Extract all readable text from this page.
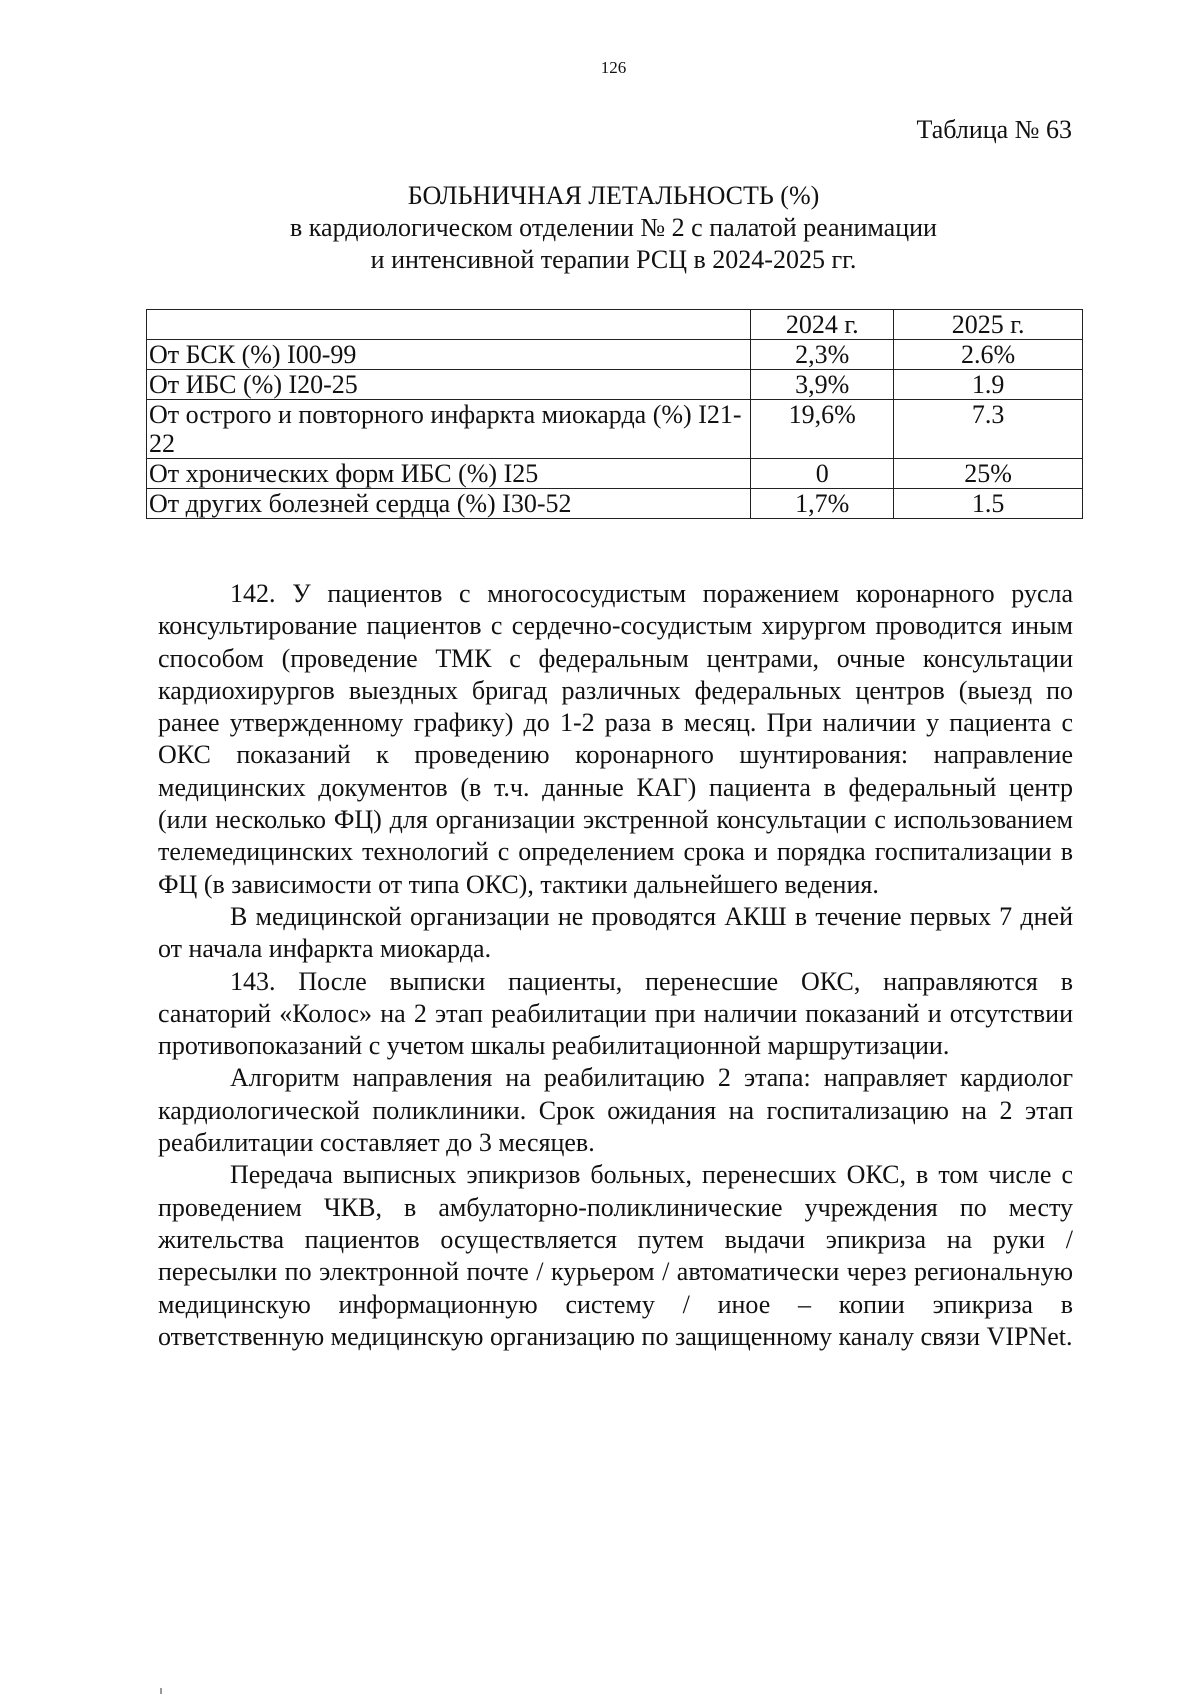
126
Таблица № 63
БОЛЬНИЧНАЯ ЛЕТАЛЬНОСТЬ (%)
в кардиологическом отделении № 2 с палатой реанимации
и интенсивной терапии РСЦ в 2024-2025 гг.
	2024 г.	2025 г.
От БСК (%) I00-99	2,3%	2.6%
От ИБС (%) I20-25	3,9%	1.9
От острого и повторного инфаркта миокарда (%) I21-22	19,6%	7.3
От хронических форм ИБС (%) I25	0	25%
От других болезней сердца (%) I30-52	1,7%	1.5

142. У пациентов с многососудистым поражением коронарного русла консультирование пациентов с сердечно-сосудистым хирургом проводится иным способом (проведение ТМК с федеральным центрами, очные консультации кардиохирургов выездных бригад различных федеральных центров (выезд по ранее утвержденному графику) до 1-2 раза в месяц. При наличии у пациента с ОКС показаний к проведению коронарного шунтирования: направление медицинских документов (в т.ч. данные КАГ) пациента в федеральный центр (или несколько ФЦ) для организации экстренной консультации с использованием телемедицинских технологий с определением срока и порядка госпитализации в ФЦ (в зависимости от типа ОКС), тактики дальнейшего ведения.

В медицинской организации не проводятся АКШ в течение первых 7 дней от начала инфаркта миокарда.

143. После выписки пациенты, перенесшие ОКС, направляются в санаторий «Колос» на 2 этап реабилитации при наличии показаний и отсутствии противопоказаний с учетом шкалы реабилитационной маршрутизации.

Алгоритм направления на реабилитацию 2 этапа: направляет кардиолог кардиологической поликлиники. Срок ожидания на госпитализацию на 2 этап реабилитации составляет до 3 месяцев.

Передача выписных эпикризов больных, перенесших ОКС, в том числе с проведением ЧКВ, в амбулаторно-поликлинические учреждения по месту жительства пациентов осуществляется путем выдачи эпикриза на руки / пересылки по электронной почте / курьером / автоматически через региональную медицинскую информационную систему / иное – копии эпикриза в ответственную медицинскую организацию по защищенному каналу связи VIPNet.
